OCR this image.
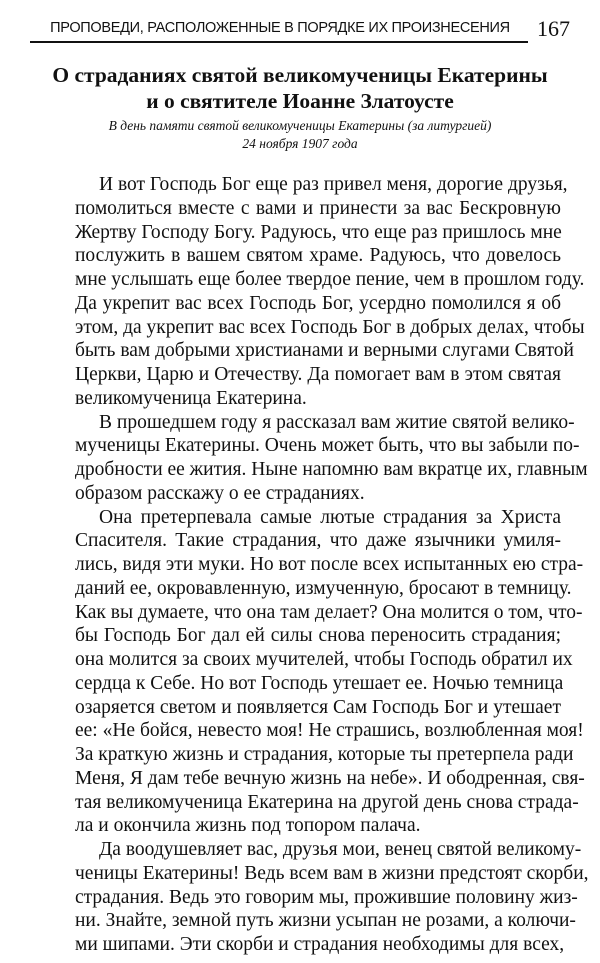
ПРОПОВЕДИ, РАСПОЛОЖЕННЫЕ В ПОРЯДКЕ ИХ ПРОИЗНЕСЕНИЯ	167
О страданиях святой великомученицы Екатерины
и о святителе Иоанне Златоусте
В день памяти святой великомученицы Екатерины (за литургией)
24 ноября 1907 года
И вот Господь Бог еще раз привел меня, дорогие друзья,
помолиться вместе с вами и принести за вас Бескровную
Жертву Господу Богу. Радуюсь, что еще раз пришлось мне
послужить в вашем святом храме. Радуюсь, что довелось
мне услышать еще более твердое пение, чем в прошлом году.
Да укрепит вас всех Господь Бог, усердно помолился я об
этом, да укрепит вас всех Господь Бог в добрых делах, чтобы
быть вам добрыми христианами и верными слугами Святой
Церкви, Царю и Отечеству. Да помогает вам в этом святая
великомученица Екатерина.
В прошедшем году я рассказал вам житие святой велико-
мученицы Екатерины. Очень может быть, что вы забыли по-
дробности ее жития. Ныне напомню вам вкратце их, главным
образом расскажу о ее страданиях.
Она претерпевала самые лютые страдания за Христа
Спасителя. Такие страдания, что даже язычники умиля-
лись, видя эти муки. Но вот после всех испытанных ею стра-
даний ее, окровавленную, измученную, бросают в темницу.
Как вы думаете, что она там делает? Она молится о том, что-
бы Господь Бог дал ей силы снова переносить страдания;
она молится за своих мучителей, чтобы Господь обратил их
сердца к Себе. Но вот Господь утешает ее. Ночью темница
озаряется светом и появляется Сам Господь Бог и утешает
ее: «Не бойся, невесто моя! Не страшись, возлюбленная моя!
За краткую жизнь и страдания, которые ты претерпела ради
Меня, Я дам тебе вечную жизнь на небе». И ободренная, свя-
тая великомученица Екатерина на другой день снова страда-
ла и окончила жизнь под топором палача.
Да воодушевляет вас, друзья мои, венец святой великому-
ченицы Екатерины! Ведь всем вам в жизни предстоят скорби,
страдания. Ведь это говорим мы, прожившие половину жиз-
ни. Знайте, земной путь жизни усыпан не розами, а колючи-
ми шипами. Эти скорби и страдания необходимы для всех,
